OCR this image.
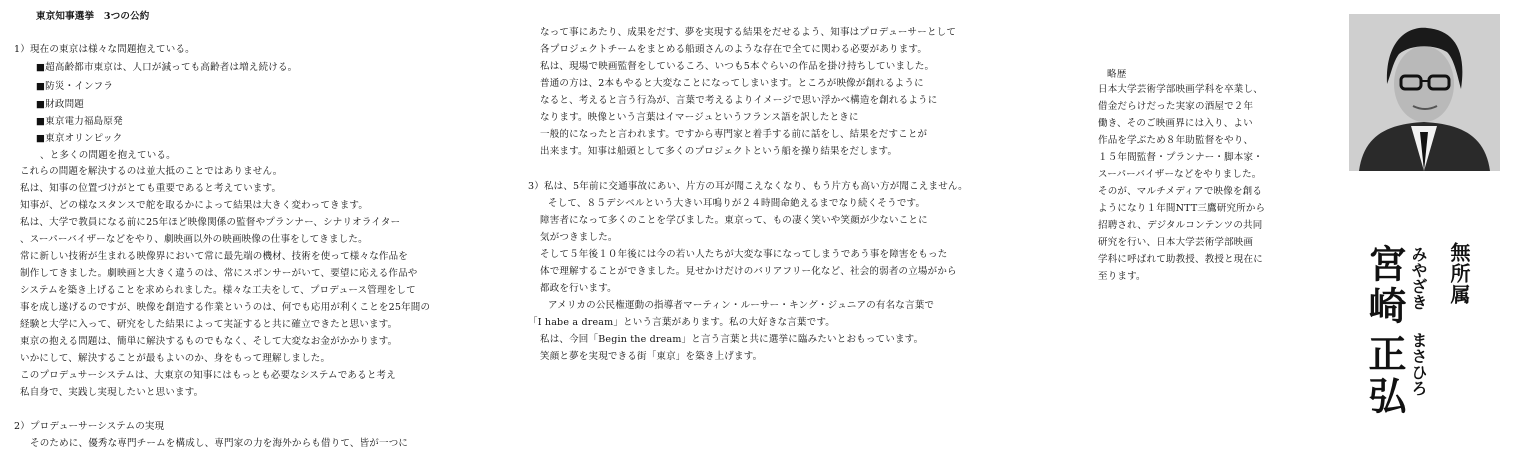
東京知事選挙　3つの公約
1）現在の東京は様々な問題抱えている。
■超高齢都市東京は、人口が減っても高齢者は増え続ける。
■防災・インフラ
■財政問題
■東京電力福島原発
■東京オリンピック
、と多くの問題を抱えている。
これらの問題を解決するのは並大抵のことではありません。
私は、知事の位置づけがとても重要であると考えています。
知事が、どの様なスタンスで舵を取るかによって結果は大きく変わってきます。
私は、大学で教員になる前に25年ほど映像関係の監督やプランナー、シナリオライター
、スーパーバイザーなどをやり、劇映画以外の映画映像の仕事をしてきました。
常に新しい技術が生まれる映像界において常に最先端の機材、技術を使って様々な作品を
制作してきました。劇映画と大きく違うのは、常にスポンサーがいて、要望に応える作品や
システムを築き上げることを求められました。様々な工夫をして、プロデュース管理をして
事を成し遂げるのですが、映像を創造する作業というのは、何でも応用が利くことを25年間の
経験と大学に入って、研究をした結果によって実証すると共に確立できたと思います。
東京の抱える問題は、簡単に解決するものでもなく、そして大変なお金がかかります。
いかにして、解決することが最もよいのか、身をもって理解しました。
このプロデュサーシステムは、大東京の知事にはもっとも必要なシステムであると考え
私自身で、実践し実現したいと思います。
2）プロデューサーシステムの実現
そのために、優秀な専門チームを構成し、専門家の力を海外からも借りて、皆が一つに
なって事にあたり、成果をだす、夢を実現する結果をだせるよう、知事はプロデューサーとして
各プロジェクトチームをまとめる船頭さんのような存在で全てに関わる必要があります。
私は、現場で映画監督をしているころ、いつも5本ぐらいの作品を掛け持ちしていました。
普通の方は、2本もやると大変なことになってしまいます。ところが映像が創れるように
なると、考えると言う行為が、言葉で考えるよりイメージで思い浮かべ構造を創れるように
なります。映像という言葉はイマージュというフランス語を訳したときに
一般的になったと言われます。ですから専門家と着手する前に話をし、結果をだすことが
出来ます。知事は船頭として多くのプロジェクトという船を操り結果をだします。
3）私は、5年前に交通事故にあい、片方の耳が聞こえなくなり、もう片方も高い方が聞こえません。
そして、８５デシベルという大きい耳鳴りが２４時間命絶えるまでなり続くそうです。
障害者になって多くのことを学びました。東京って、もの凄く笑いや笑顔が少ないことに
気がつきました。
そして５年後１０年後には今の若い人たちが大変な事になってしまうであう事を障害をもった
体で理解することができました。見せかけだけのバリアフリー化など、社会的弱者の立場がから
都政を行います。
アメリカの公民権運動の指導者マーティン・ルーサー・キング・ジュニアの有名な言葉で
「I habe a dream」という言葉があります。私の大好きな言葉です。
私は、今回「Begin the dream」と言う言葉と共に選挙に臨みたいとおもっています。
笑顔と夢を実現できる街「東京」を築き上げます。
略歴
日本大学芸術学部映画学科を卒業し、
借金だらけだった実家の酒屋で２年
働き、そのご映画界には入り、よい
作品を学ぶため８年助監督をやり、
１５年間監督・プランナー・脚本家・
スーパーバイザーなどをやりました。
そのが、マルチメディアで映像を創る
ようになり１年間NTT三鷹研究所から
招聘され、デジタルコンテンツの共同
研究を行い、日本大学芸術学部映画
学科に呼ばれて助教授、教授と現在に
至ります。	無所属
宮崎 みやざき
正弘 まさひろ
